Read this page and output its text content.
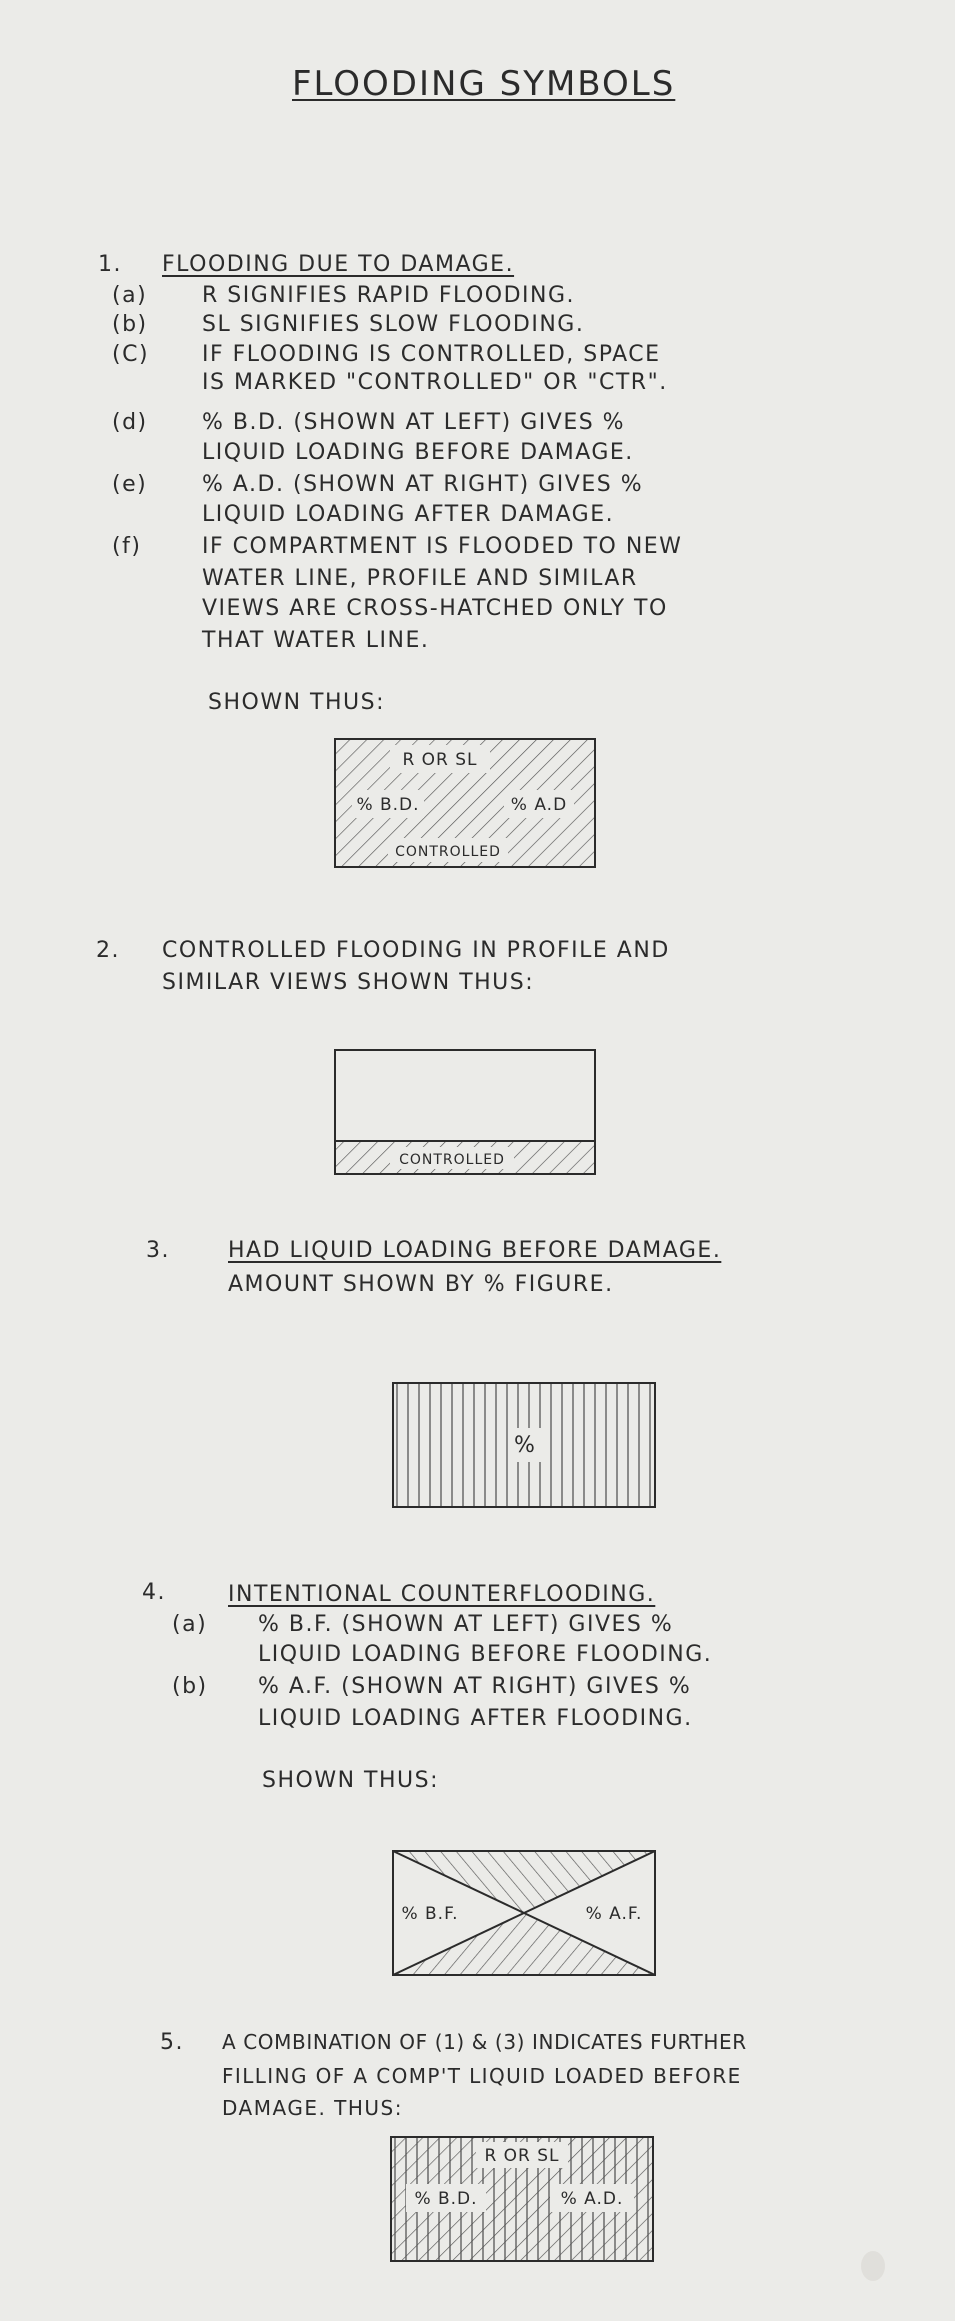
FLOODING SYMBOLS
1. FLOODING DUE TO DAMAGE.
(a) R SIGNIFIES RAPID FLOODING.
(b) SL SIGNIFIES SLOW FLOODING.
(C) IF FLOODING IS CONTROLLED, SPACE
IS MARKED "CONTROLLED" OR "CTR".
(d) % B.D. (SHOWN AT LEFT) GIVES %
LIQUID LOADING BEFORE DAMAGE.
(e) % A.D. (SHOWN AT RIGHT) GIVES %
LIQUID LOADING AFTER DAMAGE.
(f)	IF COMPARTMENT IS FLOODED TO NEW
WATER LINE, PROFILE AND SIMILAR
VIEWS ARE CROSS-HATCHED ONLY TO
THAT WATER LINE.
SHOWN THUS:
R OR SL
% B.D.	% A.D
CONTROLLED
2. CONTROLLED FLOODING IN PROFILE AND
SIMILAR VIEWS SHOWN THUS:
CONTROLLED
3.	HAD LIQUID LOADING BEFORE DAMAGE.
AMOUNT SHOWN BY % FIGURE.
%
4.	INTENTIONAL COUNTERFLOODING.
(a) % B.F. (SHOWN AT LEFT) GIVES %
LIQUID LOADING BEFORE FLOODING.
(b) % A.F. (SHOWN AT RIGHT) GIVES %
LIQUID LOADING AFTER FLOODING.
SHOWN THUS:
% B.F.	% A.F.
5. A COMBINATION OF (1) & (3) INDICATES FURTHER
FILLING OF A COMP'T LIQUID LOADED BEFORE
DAMAGE. THUS:
R OR SL
% B.D.	% A.D.
